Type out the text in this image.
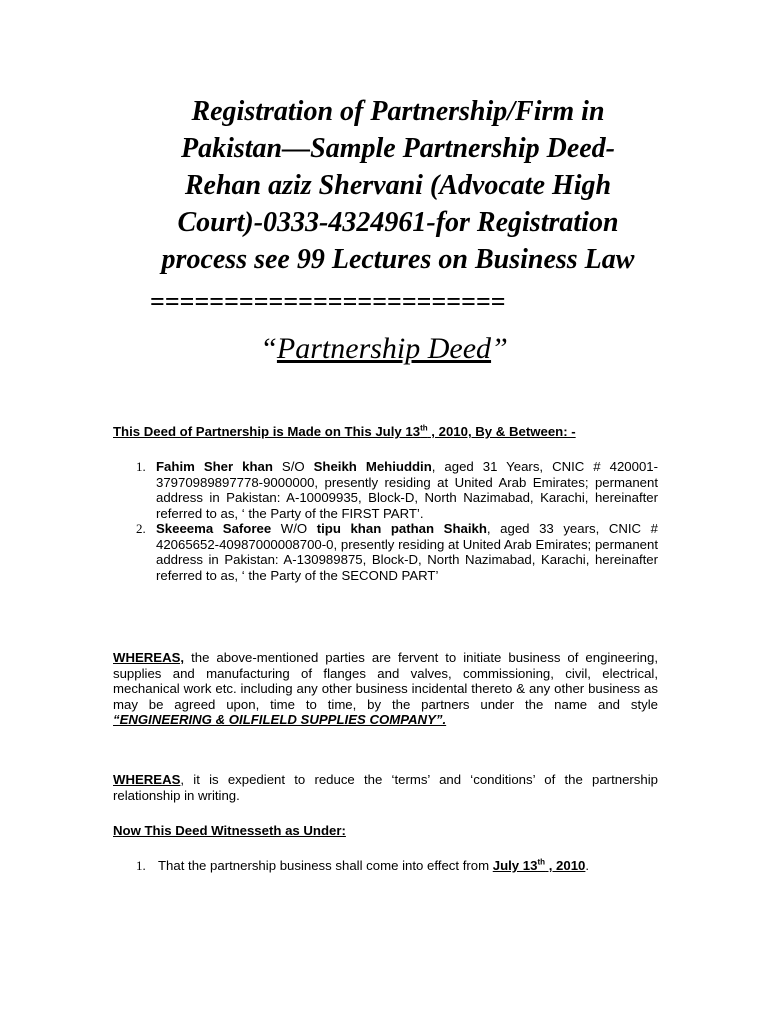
Registration of Partnership/Firm in
Pakistan—Sample Partnership Deed-
Rehan aziz Shervani (Advocate High
Court)-0333-4324961-for Registration
process see 99 Lectures on Business Law
========================
“Partnership Deed”
This Deed of Partnership is Made on This July 13th , 2010, By & Between: -
1. Fahim Sher khan S/O Sheikh Mehiuddin, aged 31 Years, CNIC # 420001-37970989897778-9000000, presently residing at United Arab Emirates; permanent address in Pakistan: A-10009935, Block-D, North Nazimabad, Karachi, hereinafter referred to as, ‘ the Party of the FIRST PART’.
2. Skeeema Saforee W/O tipu khan pathan Shaikh, aged 33 years, CNIC # 42065652-40987000008700-0, presently residing at United Arab Emirates; permanent address in Pakistan: A-130989875, Block-D, North Nazimabad, Karachi, hereinafter referred to as, ‘ the Party of the SECOND PART’
WHEREAS, the above-mentioned parties are fervent to initiate business of engineering, supplies and manufacturing of flanges and valves, commissioning, civil, electrical, mechanical work etc. including any other business incidental thereto & any other business as may be agreed upon, time to time, by the partners under the name and style “ENGINEERING & OILFILELD SUPPLIES COMPANY”.
WHEREAS, it is expedient to reduce the ‘terms’ and ‘conditions’ of the partnership relationship in writing.
Now This Deed Witnesseth as Under:
1. That the partnership business shall come into effect from July 13th , 2010.
